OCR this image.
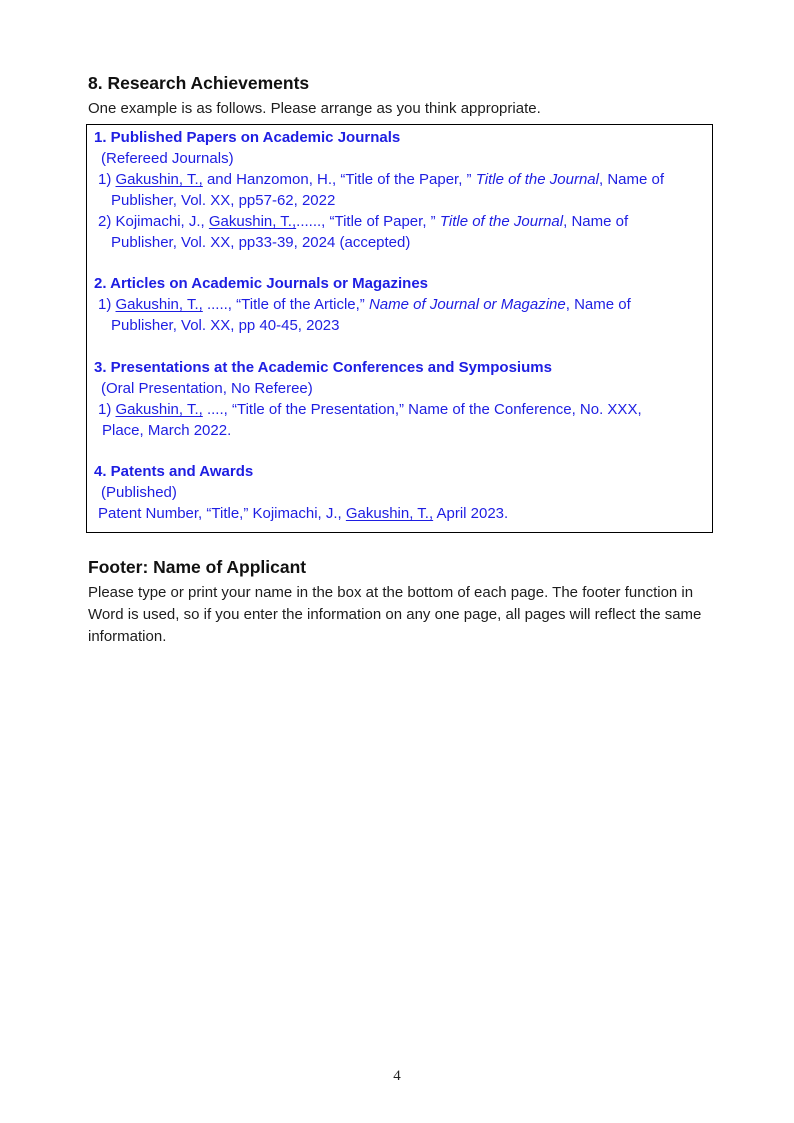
8. Research Achievements

One example is as follows. Please arrange as you think appropriate.

1. Published Papers on Academic Journals
(Refereed Journals)
1) Gakushin, T., and Hanzomon, H., “Title of the Paper, ” Title of the Journal, Name of
Publisher, Vol. XX, pp57-62, 2022
2) Kojimachi, J., Gakushin, T.,......, “Title of Paper, ” Title of the Journal, Name of
Publisher, Vol. XX, pp33-39, 2024 (accepted)
2. Articles on Academic Journals or Magazines
1) Gakushin, T., ....., “Title of the Article,” Name of Journal or Magazine, Name of
Publisher, Vol. XX, pp 40-45, 2023
3. Presentations at the Academic Conferences and Symposiums
(Oral Presentation, No Referee)
1) Gakushin, T., ...., “Title of the Presentation,” Name of the Conference, No. XXX,
Place, March 2022.
4. Patents and Awards
(Published)
Patent Number, “Title,” Kojimachi, J., Gakushin, T., April 2023.
Footer: Name of Applicant

Please type or print your name in the box at the bottom of each page. The footer function in Word is used, so if you enter the information on any one page, all pages will reflect the same information.

4
